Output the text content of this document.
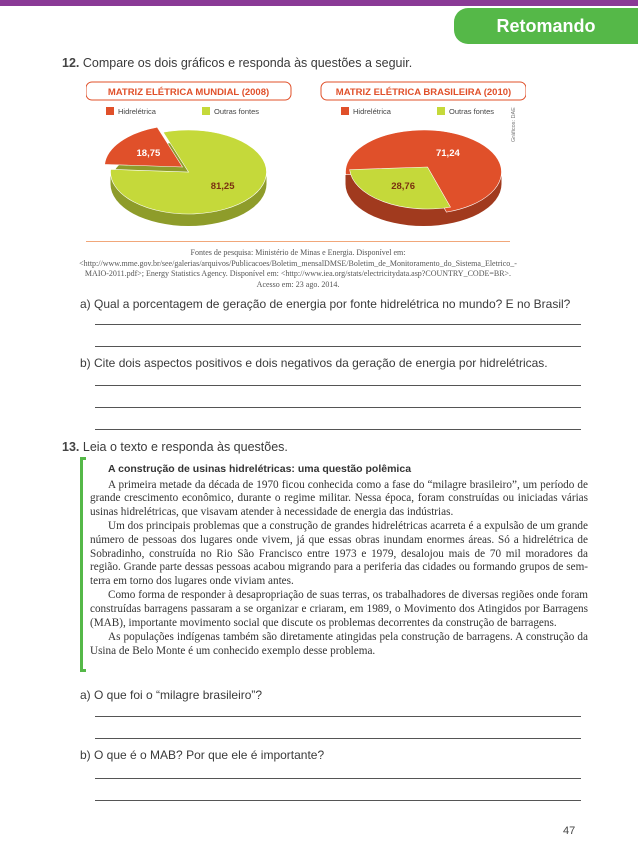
Retomando
12. Compare os dois gráficos e responda às questões a seguir.
MATRIZ ELÉTRICA MUNDIAL (2008)
Hidrelétrica	Outras fontes
18,75
81,25
MATRIZ ELÉTRICA BRASILEIRA (2010)
Hidrelétrica	Outras fontes
71,24
28,76
Gráficos: DAE
Fontes de pesquisa: Ministério de Minas e Energia. Disponível em: <http://www.mme.gov.br/see/galerias/arquivos/Publicacoes/Boletim_mensalDMSE/Boletim_de_Monitoramento_do_Sistema_Eletrico_-MAIO-2011.pdf>; Energy Statistics Agency. Disponível em: <http://www.iea.org/stats/electricitydata.asp?COUNTRY_CODE=BR>. Acesso em: 23 ago. 2014.
a) Qual a porcentagem de geração de energia por fonte hidrelétrica no mundo? E no Brasil?
b) Cite dois aspectos positivos e dois negativos da geração de energia por hidrelétricas.
13. Leia o texto e responda às questões.
A construção de usinas hidrelétricas: uma questão polêmica

A primeira metade da década de 1970 ficou conhecida como a fase do “milagre brasileiro”, um período de grande crescimento econômico, durante o regime militar. Nessa época, foram construídas ou iniciadas várias usinas hidrelétricas, que visavam atender à necessidade de energia das indústrias.

Um dos principais problemas que a construção de grandes hidrelétricas acarreta é a expulsão de um grande número de pessoas dos lugares onde vivem, já que essas obras inundam enormes áreas. Só a hidrelétrica de Sobradinho, construída no Rio São Francisco entre 1973 e 1979, desalojou mais de 70 mil moradores da região. Grande parte dessas pessoas acabou migrando para a periferia das cidades ou formando grupos de sem-terra em torno dos lugares onde viviam antes.

Como forma de responder à desapropriação de suas terras, os trabalhadores de diversas regiões onde foram construídas barragens passaram a se organizar e criaram, em 1989, o Movimento dos Atingidos por Barragens (MAB), importante movimento social que discute os problemas decorrentes da construção de barragens.

As populações indígenas também são diretamente atingidas pela construção de barragens. A construção da Usina de Belo Monte é um conhecido exemplo desse problema.

a) O que foi o “milagre brasileiro”?
b) O que é o MAB? Por que ele é importante?
47
